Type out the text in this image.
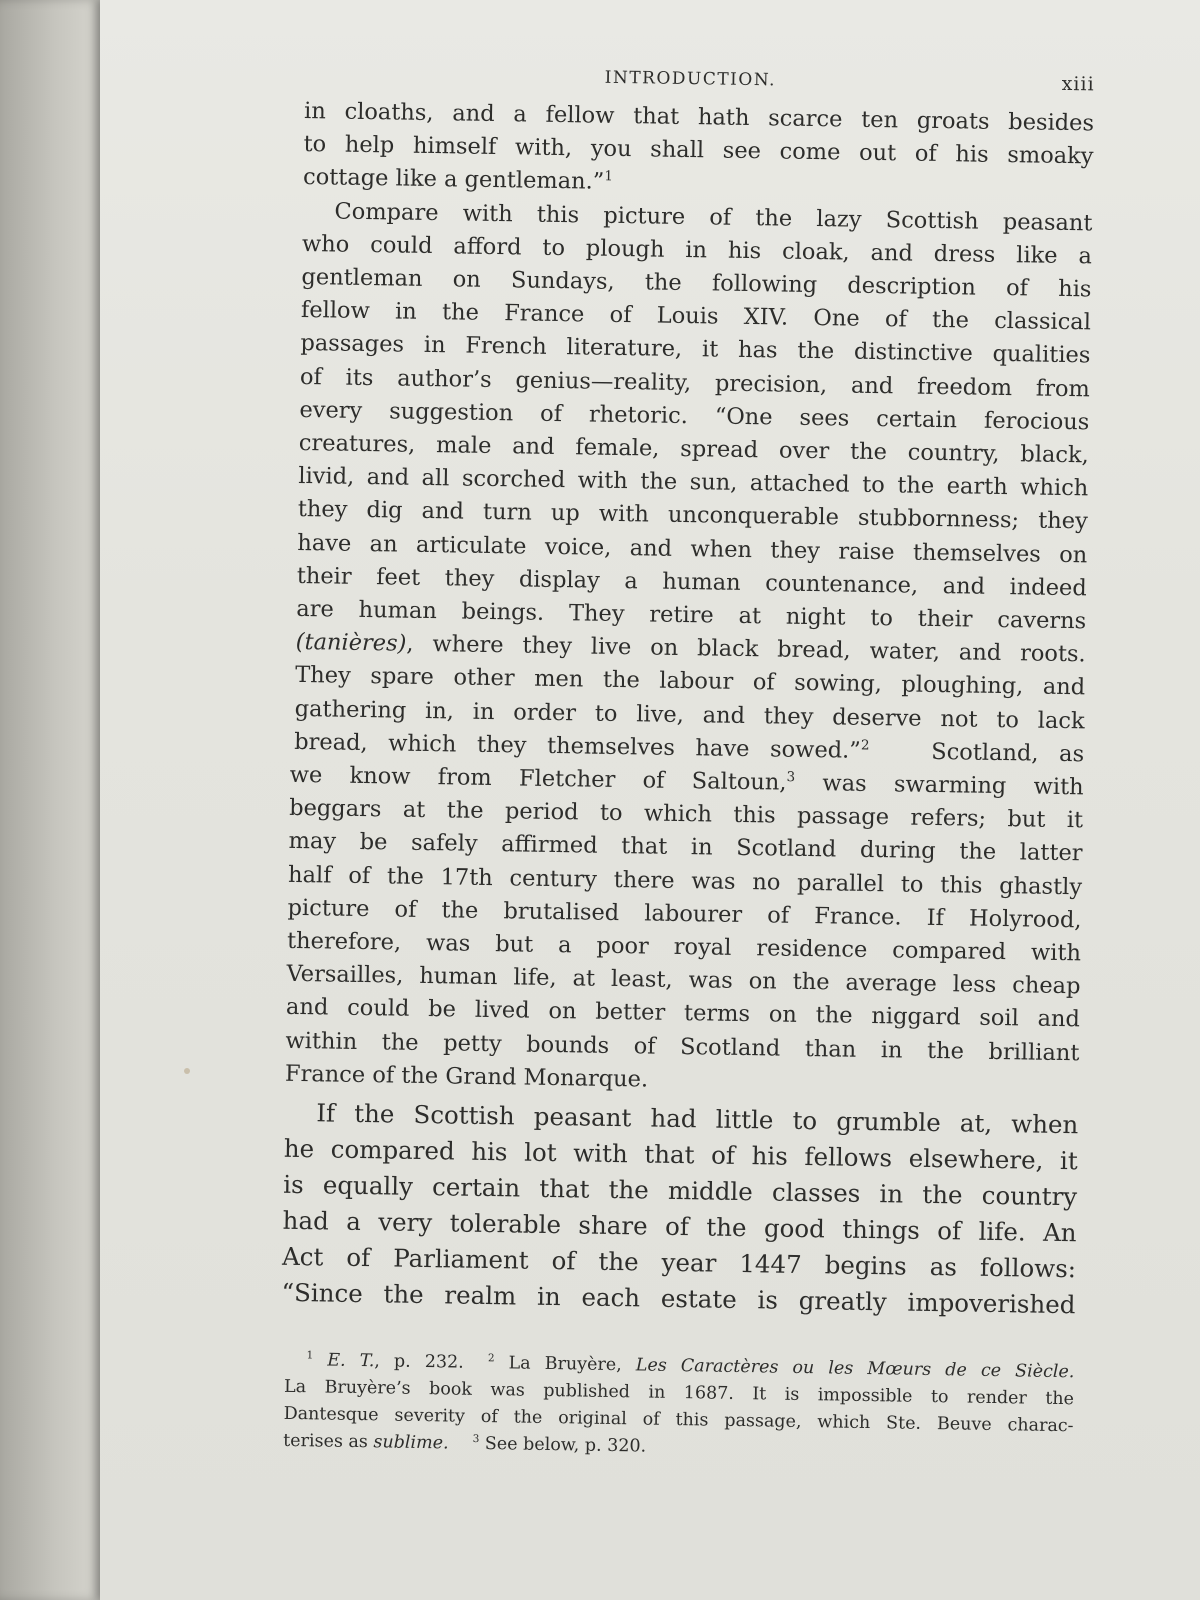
INTRODUCTION.	xiii
in cloaths, and a fellow that hath scarce ten groats besides
to help himself with, you shall see come out of his smoaky
cottage like a gentleman.”$^1$
Compare with this picture of the lazy Scottish peasant
who could afford to plough in his cloak, and dress like a
gentleman on Sundays, the following description of his
fellow in the France of Louis XIV. One of the classical
passages in French literature, it has the distinctive qualities
of its author’s genius—reality, precision, and freedom from
every suggestion of rhetoric. “One sees certain ferocious
creatures, male and female, spread over the country, black,
livid, and all scorched with the sun, attached to the earth which
they dig and turn up with unconquerable stubbornness; they
have an articulate voice, and when they raise themselves on
their feet they display a human countenance, and indeed
are human beings. They retire at night to their caverns
(tanières), where they live on black bread, water, and roots.
They spare other men the labour of sowing, ploughing, and
gathering in, in order to live, and they deserve not to lack
bread, which they themselves have sowed.”$^2$	Scotland, as
we know from Fletcher of Saltoun,$^3$ was swarming with
beggars at the period to which this passage refers; but it
may be safely affirmed that in Scotland during the latter
half of the 17th century there was no parallel to this ghastly
picture of the brutalised labourer of France. If Holyrood,
therefore, was but a poor royal residence compared with
Versailles, human life, at least, was on the average less cheap
and could be lived on better terms on the niggard soil and
within the petty bounds of Scotland than in the brilliant
France of the Grand Monarque.
If the Scottish peasant had little to grumble at, when
he compared his lot with that of his fellows elsewhere, it
is equally certain that the middle classes in the country
had a very tolerable share of the good things of life. An
Act of Parliament of the year 1447 begins as follows:
“Since the realm in each estate is greatly impoverished
$^1$ E. T., p. 232. $^2$ La Bruyère, Les Caractères ou les Mœurs de ce Siècle.
La Bruyère’s book was published in 1687. It is impossible to render the
Dantesque severity of the original of this passage, which Ste. Beuve charac-
terises as sublime. $^3$ See below, p. 320.
